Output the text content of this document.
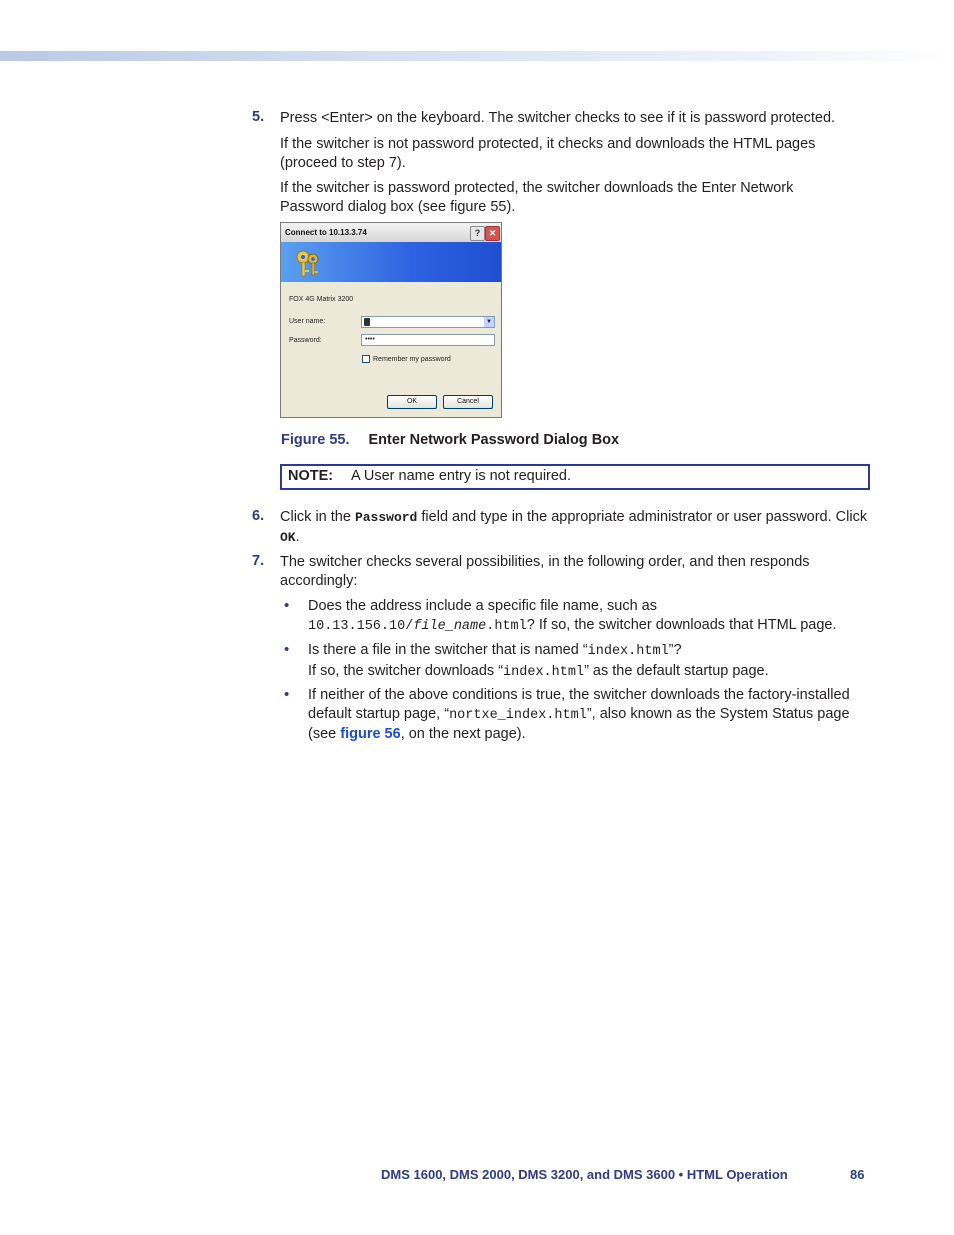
5. Press <Enter> on the keyboard. The switcher checks to see if it is password protected.
If the switcher is not password protected, it checks and downloads the HTML pages (proceed to step 7).
If the switcher is password protected, the switcher downloads the Enter Network Password dialog box (see figure 55).
Connect to 10.13.3.74	? ✕
FOX 4G Matrix 3200
User name:	▼
Password:	••••
Remember my password
OK	Cancel
Figure 55. Enter Network Password Dialog Box
NOTE: A User name entry is not required.
6. Click in the Password field and type in the appropriate administrator or user password. Click OK.
7. The switcher checks several possibilities, in the following order, and then responds accordingly:
• Does the address include a specific file name, such as 10.13.156.10/file_name.html? If so, the switcher downloads that HTML page.
• Is there a file in the switcher that is named “index.html”?
If so, the switcher downloads “index.html” as the default startup page.
• If neither of the above conditions is true, the switcher downloads the factory-installed default startup page, “nortxe_index.html”, also known as the System Status page (see figure 56, on the next page).
DMS 1600, DMS 2000, DMS 3200, and DMS 3600 • HTML Operation	86
